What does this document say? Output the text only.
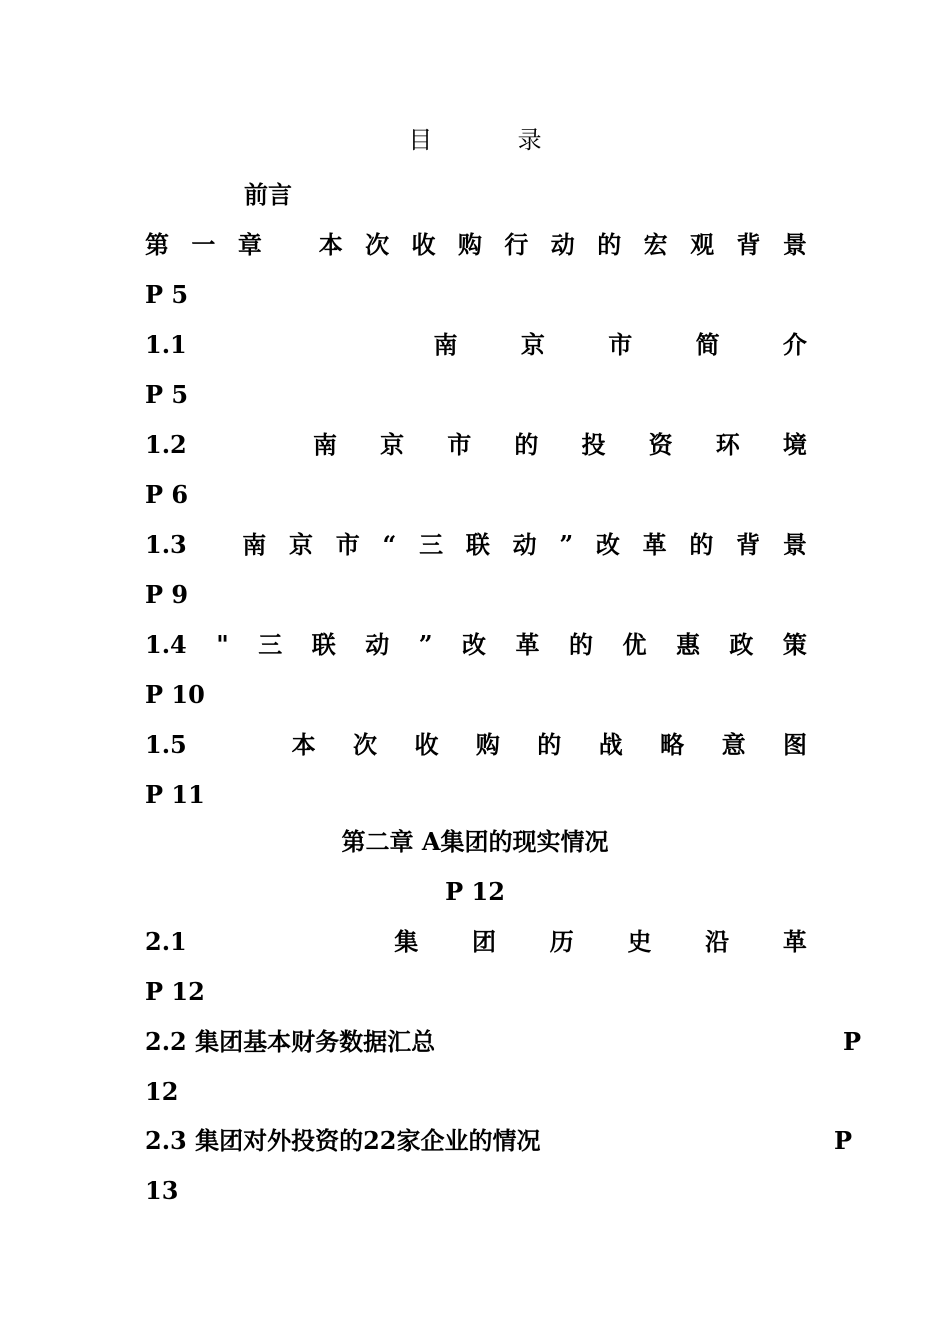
目	录
前言
第 一 章 本 次 收 购 行 动 的 宏 观 背 景
P 5
1.1	南	京	市	简	介
P 5
1.2	南 京 市 的 投 资 环 境
P 6
1.3 南 京 市 “ 三 联 动 ” 改 革 的 背 景
P 9
1.4 " 三 联 动 ” 改 革 的 优 惠 政 策
P 10
1.5	本 次 收 购 的 战 略 意 图
P 11
第二章 A集团的现实情况
P 12
2.1	集 团 历 史 沿 革
P 12
2.2 集团基本财务数据汇总	P
12
2.3 集团对外投资的22家企业的情况	P
13
